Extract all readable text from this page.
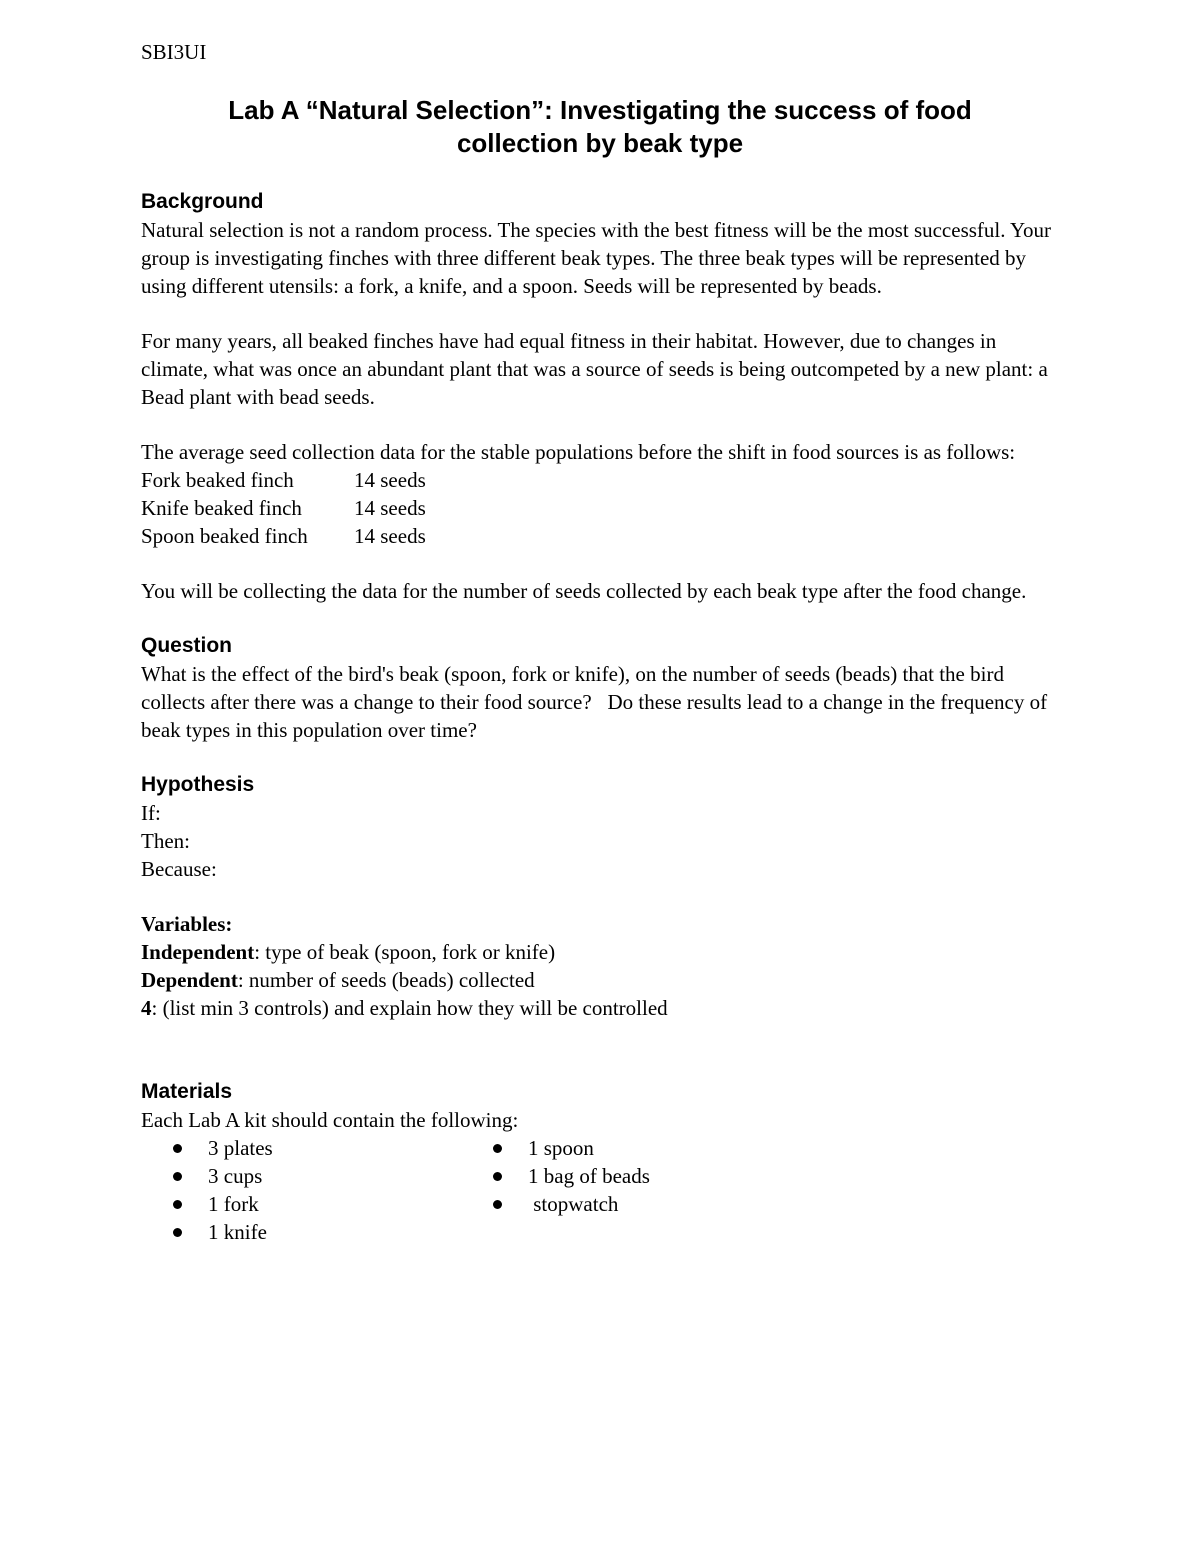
SBI3UI
Lab A “Natural Selection”: Investigating the success of food
collection by beak type
Background

Natural selection is not a random process. The species with the best fitness will be the most successful. Your group is investigating finches with three different beak types. The three beak types will be represented by using different utensils: a fork, a knife, and a spoon. Seeds will be represented by beads.

For many years, all beaked finches have had equal fitness in their habitat. However, due to changes in climate, what was once an abundant plant that was a source of seeds is being outcompeted by a new plant: a Bead plant with bead seeds.

The average seed collection data for the stable populations before the shift in food sources is as follows:

Fork beaked finch	14 seeds
Knife beaked finch	14 seeds
Spoon beaked finch	14 seeds

You will be collecting the data for the number of seeds collected by each beak type after the food change.

Question

What is the effect of the bird's beak (spoon, fork or knife), on the number of seeds (beads) that the bird collects after there was a change to their food source?   Do these results lead to a change in the frequency of beak types in this population over time?

Hypothesis
If:
Then:
Because:
Variables:
Independent: type of beak (spoon, fork or knife)
Dependent: number of seeds (beads) collected
4: (list min 3 controls) and explain how they will be controlled
Materials
Each Lab A kit should contain the following:
3 plates
3 cups
1 fork
1 knife
1 spoon
1 bag of beads
stopwatch
